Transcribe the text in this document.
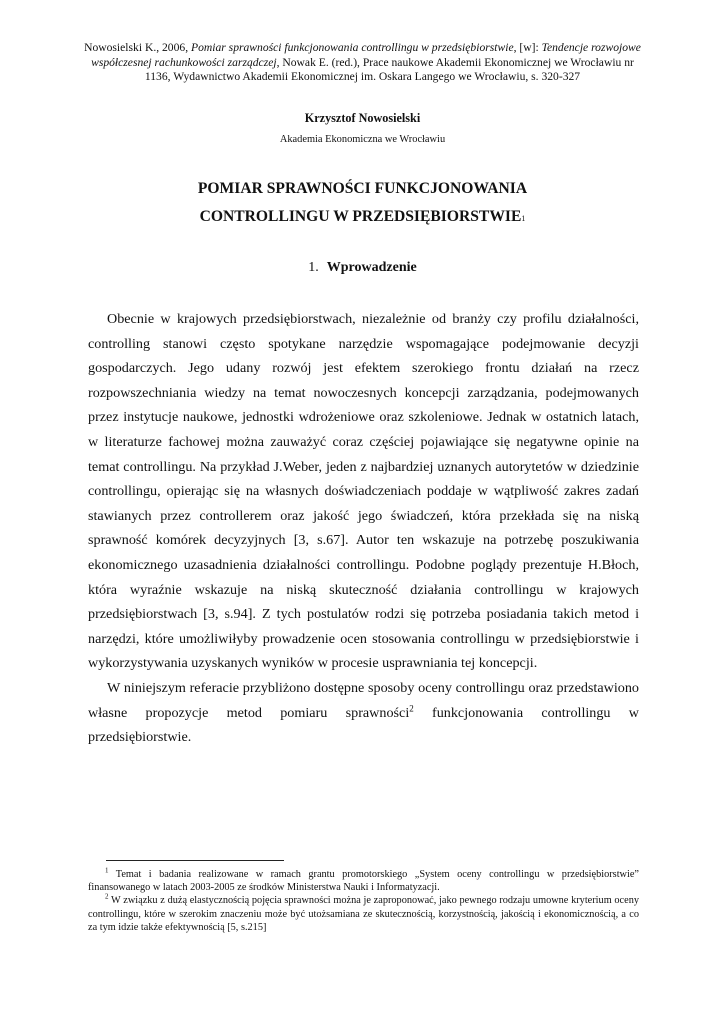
Nowosielski K., 2006, Pomiar sprawności funkcjonowania controllingu w przedsiębiorstwie, [w]: Tendencje rozwojowe współczesnej rachunkowości zarządczej, Nowak E. (red.), Prace naukowe Akademii Ekonomicznej we Wrocławiu nr 1136, Wydawnictwo Akademii Ekonomicznej im. Oskara Langego we Wrocławiu, s. 320-327
Krzysztof Nowosielski
Akademia Ekonomiczna we Wrocławiu
POMIAR SPRAWNOŚCI FUNKCJONOWANIA
CONTROLLINGU W PRZEDSIĘBIORSTWIE$^1$
1. Wprowadzenie

Obecnie w krajowych przedsiębiorstwach, niezależnie od branży czy profilu działalności, controlling stanowi często spotykane narzędzie wspomagające podejmowanie decyzji gospodarczych. Jego udany rozwój jest efektem szerokiego frontu działań na rzecz rozpowszechniania wiedzy na temat nowoczesnych koncepcji zarządzania, podejmowanych przez instytucje naukowe, jednostki wdrożeniowe oraz szkoleniowe. Jednak w ostatnich latach, w literaturze fachowej można zauważyć coraz częściej pojawiające się negatywne opinie na temat controllingu. Na przykład J.Weber, jeden z najbardziej uznanych autorytetów w dziedzinie controllingu, opierając się na własnych doświadczeniach poddaje w wątpliwość zakres zadań stawianych przez controllerem oraz jakość jego świadczeń, która przekłada się na niską sprawność komórek decyzyjnych [3, s.67]. Autor ten wskazuje na potrzebę poszukiwania ekonomicznego uzasadnienia działalności controllingu. Podobne poglądy prezentuje H.Błoch, która wyraźnie wskazuje na niską skuteczność działania controllingu w krajowych przedsiębiorstwach [3, s.94]. Z tych postulatów rodzi się potrzeba posiadania takich metod i narzędzi, które umożliwiłyby prowadzenie ocen stosowania controllingu w przedsiębiorstwie i wykorzystywania uzyskanych wyników w procesie usprawniania tej koncepcji.

W niniejszym referacie przybliżono dostępne sposoby oceny controllingu oraz przedstawiono własne propozycje metod pomiaru sprawności$^2$ funkcjonowania controllingu w przedsiębiorstwie.

$^1$ Temat i badania realizowane w ramach grantu promotorskiego „System oceny controllingu w przedsiębiorstwie” finansowanego w latach 2003-2005 ze środków Ministerstwa Nauki i Informatyzacji.

$^2$ W związku z dużą elastycznością pojęcia sprawności można je zaproponować, jako pewnego rodzaju umowne kryterium oceny controllingu, które w szerokim znaczeniu może być utożsamiana ze skutecznością, korzystnością, jakością i ekonomicznością, a co za tym idzie także efektywnością [5, s.215]
